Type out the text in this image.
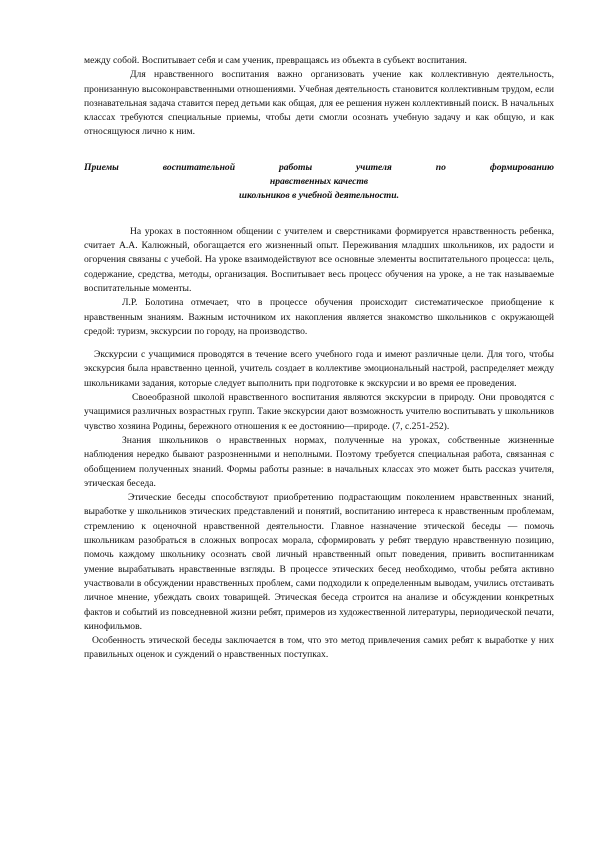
между собой. Воспитывает себя и сам ученик, превращаясь из объекта в субъект воспитания.

Для нравственного воспитания важно организовать учение как коллективную деятельность, пронизанную высоконравственными отношениями. Учебная деятельность становится коллективным трудом, если познавательная задача ставится перед детьми как общая, для ее решения нужен коллективный поиск. В начальных классах требуются специальные приемы, чтобы дети смогли осознать учебную задачу и как общую, и как относящуюся лично к ним.

Приемы воспитательной работы учителя по формированию
нравственных качеств
школьников в учебной деятельности.

На уроках в постоянном общении с учителем и сверстниками формируется нравственность ребенка, считает А.А. Калюжный, обогащается его жизненный опыт. Переживания младших школьников, их радости и огорчения связаны с учебой. На уроке взаимодействуют все основные элементы воспитательного процесса: цель, содержание, средства, методы, организация. Воспитывает весь процесс обучения на уроке, а не так называемые воспитательные моменты.

Л.Р. Болотина отмечает, что в процессе обучения происходит систематическое приобщение к нравственным знаниям. Важным источником их накопления является знакомство школьников с окружающей средой: туризм, экскурсии по городу, на производство.

Экскурсии с учащимися проводятся в течение всего учебного года и имеют различные цели. Для того, чтобы экскурсия была нравственно ценной, учитель создает в коллективе эмоциональный настрой, распределяет между школьниками задания, которые следует выполнить при подготовке к экскурсии и во время ее проведения.

Своеобразной школой нравственного воспитания являются экскурсии в природу. Они проводятся с учащимися различных возрастных групп. Такие экскурсии дают возможность учителю воспитывать у школьников чувство хозяина Родины, бережного отношения к ее достоянию—природе. (7, с.251-252).

Знания школьников о нравственных нормах, полученные на уроках, собственные жизненные наблюдения нередко бывают разрозненными и неполными. Поэтому требуется специальная работа, связанная с обобщением полученных знаний. Формы работы разные: в начальных классах это может быть рассказ учителя, этическая беседа.

Этические беседы способствуют приобретению подрастающим поколением нравственных знаний, выработке у школьников этических представлений и понятий, воспитанию интереса к нравственным проблемам, стремлению к оценочной нравственной деятельности. Главное назначение этической беседы — помочь школьникам разобраться в сложных вопросах морала, сформировать у ребят твердую нравственную позицию, помочь каждому школьнику осознать свой личный нравственный опыт поведения, привить воспитанникам умение вырабатывать нравственные взгляды. В процессе этических бесед необходимо, чтобы ребята активно участвовали в обсуждении нравственных проблем, сами подходили к определенным выводам, учились отстаивать личное мнение, убеждать своих товарищей. Этическая беседа строится на анализе и обсуждении конкретных фактов и событий из повседневной жизни ребят, примеров из художественной литературы, периодической печати, кинофильмов.

Особенность этической беседы заключается в том, что это метод привлечения самих ребят к выработке у них правильных оценок и суждений о нравственных поступках.
